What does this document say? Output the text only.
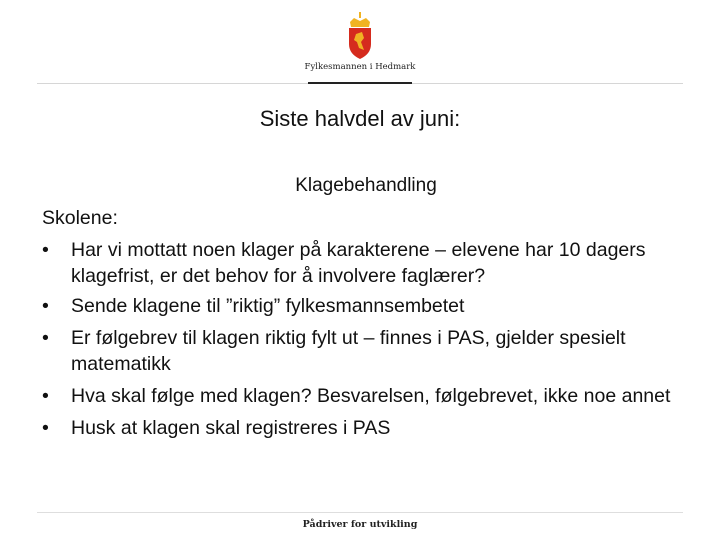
Fylkesmannen i Hedmark
Siste halvdel av juni:
Klagebehandling
Skolene:
• Har vi mottatt noen klager på karakterene – elevene har 10 dagers klagefrist, er det behov for å involvere faglærer?
• Sende klagene til ”riktig” fylkesmannsembetet
• Er følgebrev til klagen riktig fylt ut – finnes i PAS, gjelder spesielt matematikk
• Hva skal følge med klagen? Besvarelsen, følgebrevet, ikke noe annet
• Husk at klagen skal registreres i PAS
Pådriver for utvikling
